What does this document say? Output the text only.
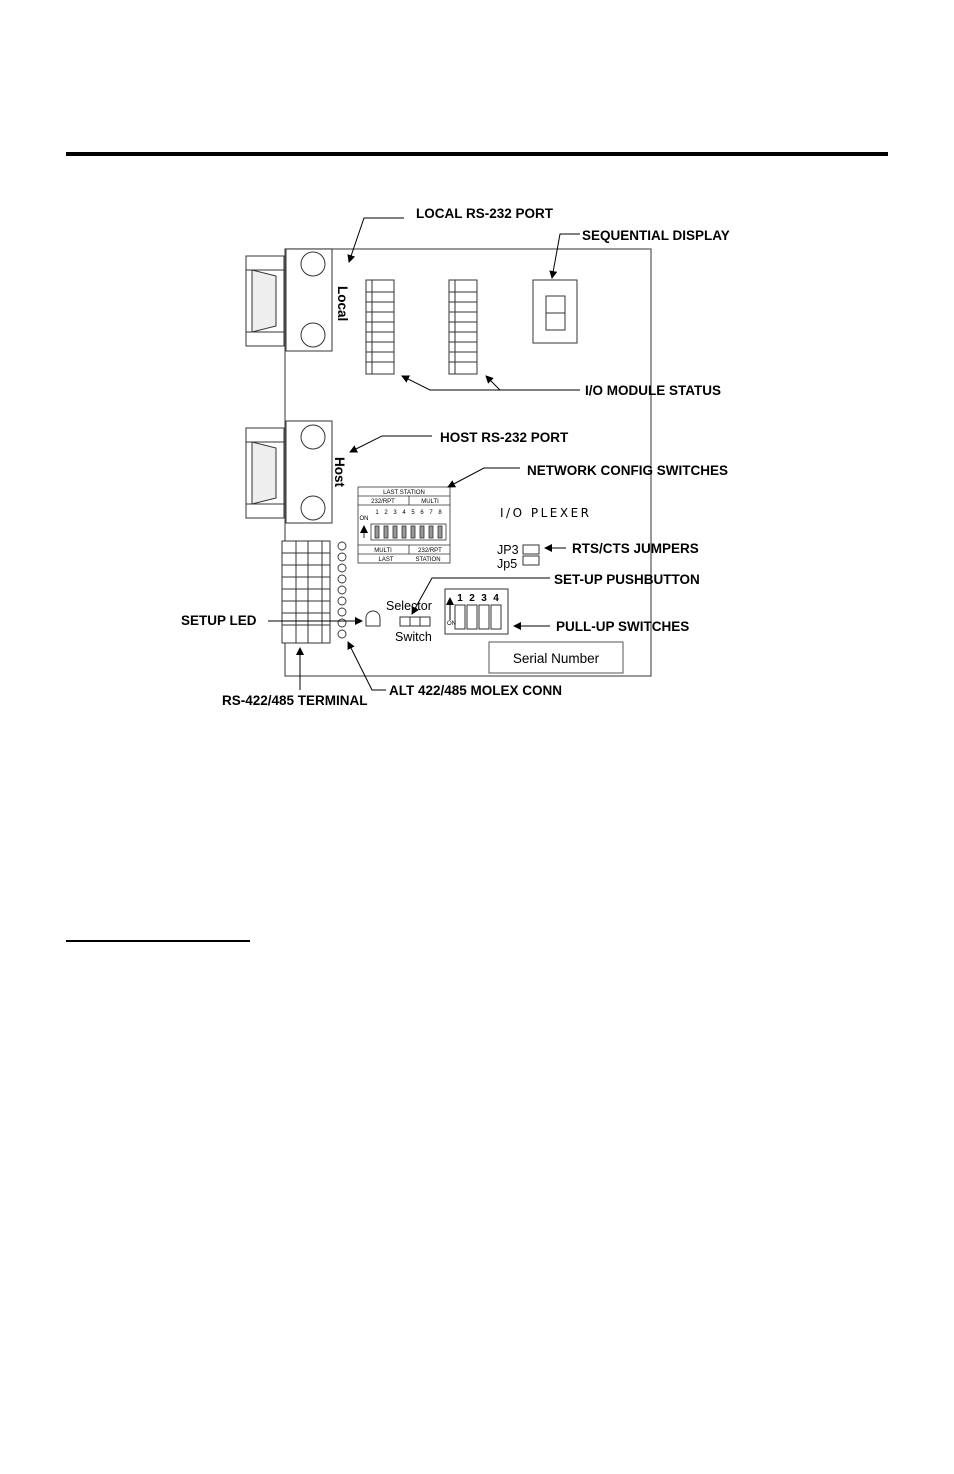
Local
Host
LAST STATION
232/RPT	MULTI
MULTI	232/RPT
LAST	STATION
ON
1 2 3 4 5 6 7 8	I/O PLEXER
JP3
Jp5
Selector
Switch
ON
1 2 3 4
Serial Number
LOCAL RS-232 PORT
SEQUENTIAL DISPLAY
I/O MODULE STATUS
HOST RS-232 PORT
NETWORK CONFIG SWITCHES
RTS/CTS JUMPERS
SET-UP PUSHBUTTON
SETUP LED	PULL-UP SWITCHES
RS-422/485 TERMINAL
ALT 422/485 MOLEX CONN
